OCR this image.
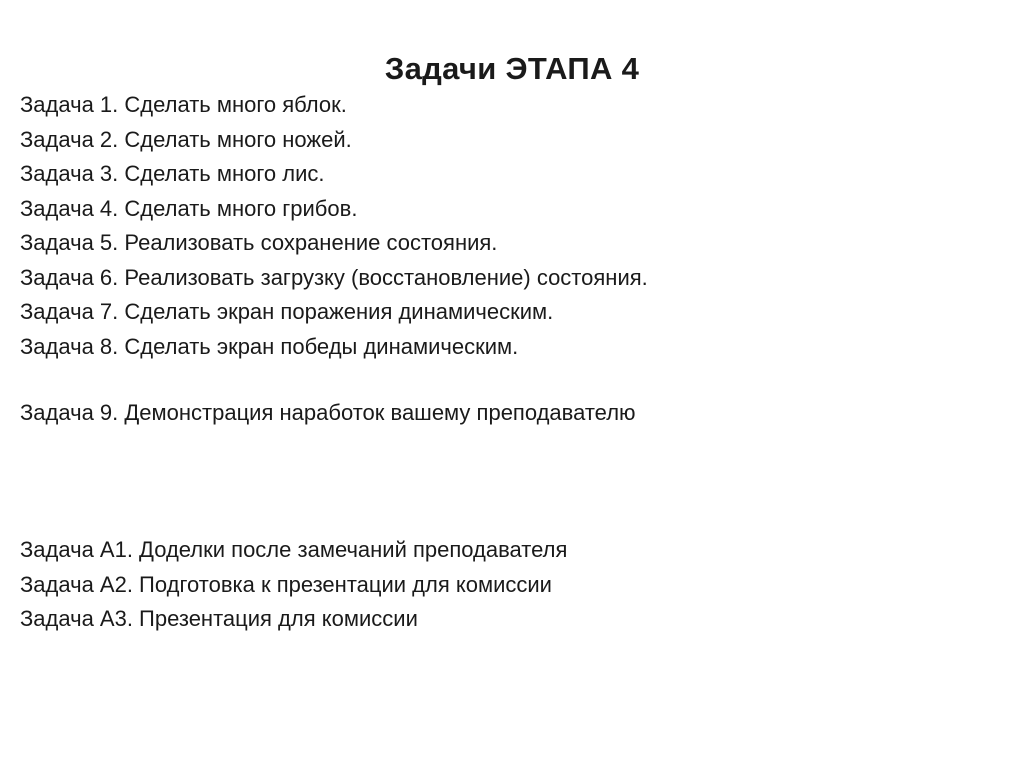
Задачи ЭТАПА 4
Задача 1. Сделать много яблок.
Задача 2. Сделать много ножей.
Задача 3. Сделать много лис.
Задача 4. Сделать много грибов.
Задача 5. Реализовать сохранение состояния.
Задача 6. Реализовать загрузку (восстановление) состояния.
Задача 7. Сделать экран поражения динамическим.
Задача 8. Сделать экран победы динамическим.
Задача 9. Демонстрация наработок вашему преподавателю
Задача А1. Доделки после замечаний преподавателя
Задача А2. Подготовка к презентации для комиссии
Задача А3. Презентация для комиссии
